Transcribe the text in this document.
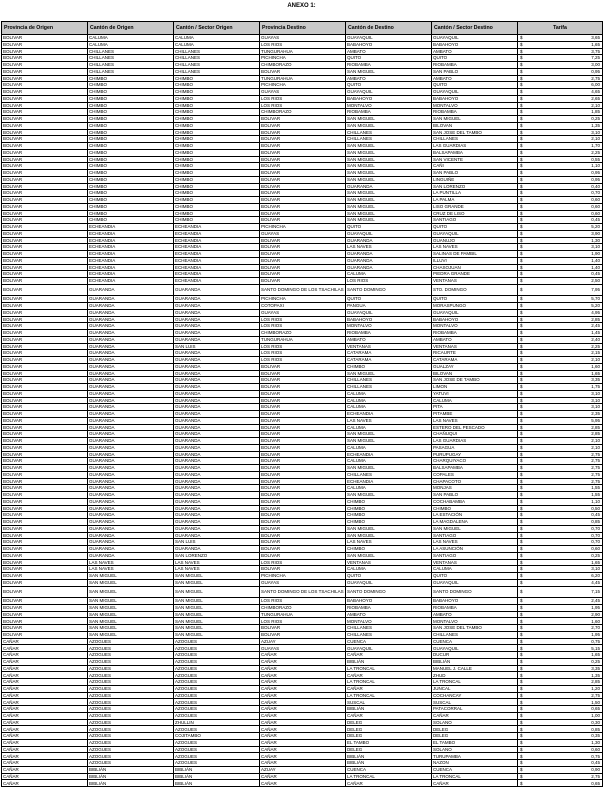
ANEXO 1:
Provincia de Origen	Cantón de Origen	Cantón / Sector Origen	Provincia Destino	Cantón de Destino	Cantón / Sector Destino	Tarifa	
BOLIVAR	CALUMA	CALUMA	GUAYAS	GUAYAQUIL	GUAYAQUIL	$	3,65
BOLIVAR	CALUMA	CALUMA	LOS RIOS	BABAHOYO	BABAHOYO	$	1,65
BOLIVAR	CHILLANES	CHILLANES	TUNGURAHUA	AMBATO	AMBATO	$	3,75
BOLIVAR	CHILLANES	CHILLANES	PICHINCHA	QUITO	QUITO	$	7,25
BOLIVAR	CHILLANES	CHILLANES	CHIMBORAZO	RIOBAMBA	RIOBAMBA	$	3,00
BOLIVAR	CHILLANES	CHILLANES	BOLIVAR	SAN MIGUEL	SAN PABLO	$	0,95
BOLIVAR	CHIMBO	CHIMBO	TUNGURAHUA	AMBATO	AMBATO	$	2,75
BOLIVAR	CHIMBO	CHIMBO	PICHINCHA	QUITO	QUITO	$	6,00
BOLIVAR	CHIMBO	CHIMBO	GUAYAS	GUAYAQUIL	GUAYAQUIL	$	4,65
BOLIVAR	CHIMBO	CHIMBO	LOS RIOS	BABAHOYO	BABAHOYO	$	2,65
BOLIVAR	CHIMBO	CHIMBO	LOS RIOS	MONTALVO	MONTALVO	$	2,10
BOLIVAR	CHIMBO	CHIMBO	CHIMBORAZO	RIOBAMBA	RIOBAMBA	$	1,85
BOLIVAR	CHIMBO	CHIMBO	BOLIVAR	SAN MIGUEL	SAN MIGUEL	$	0,25
BOLIVAR	CHIMBO	CHIMBO	BOLIVAR	SAN MIGUEL	BILOVAN	$	1,35
BOLIVAR	CHIMBO	CHIMBO	BOLIVAR	CHILLANES	SAN JOSE DEL TAMBO	$	3,10
BOLIVAR	CHIMBO	CHIMBO	BOLIVAR	CHILLANES	CHILLANES	$	2,10
BOLIVAR	CHIMBO	CHIMBO	BOLIVAR	SAN MIGUEL	LAS GUARDIAS	$	1,70
BOLIVAR	CHIMBO	CHIMBO	BOLIVAR	SAN MIGUEL	BALSAPAMBA	$	2,25
BOLIVAR	CHIMBO	CHIMBO	BOLIVAR	SAN MIGUEL	SAN VICENTE	$	0,55
BOLIVAR	CHIMBO	CHIMBO	BOLIVAR	SAN MIGUEL	CAÑI	$	1,10
BOLIVAR	CHIMBO	CHIMBO	BOLIVAR	SAN MIGUEL	SAN PABLO	$	0,95
BOLIVAR	CHIMBO	CHIMBO	BOLIVAR	SAN MIGUEL	LINGUIÑE	$	0,95
BOLIVAR	CHIMBO	CHIMBO	BOLIVAR	GUARANDA	SAN LORENZO	$	0,40
BOLIVAR	CHIMBO	CHIMBO	BOLIVAR	SAN MIGUEL	LA PUNTILLA	$	0,70
BOLIVAR	CHIMBO	CHIMBO	BOLIVAR	SAN MIGUEL	LA PALMA	$	0,60
BOLIVAR	CHIMBO	CHIMBO	BOLIVAR	SAN MIGUEL	LISO GRANDE	$	0,60
BOLIVAR	CHIMBO	CHIMBO	BOLIVAR	SAN MIGUEL	CRUZ DE LISO	$	0,60
BOLIVAR	CHIMBO	CHIMBO	BOLIVAR	SAN MIGUEL	SANTIAGO	$	0,45
BOLIVAR	ECHEANDIA	ECHEANDIA	PICHINCHA	QUITO	QUITO	$	5,20
BOLIVAR	ECHEANDIA	ECHEANDIA	GUAYAS	GUAYAQUIL	GUAYAQUIL	$	3,90
BOLIVAR	ECHEANDIA	ECHEANDIA	BOLIVAR	GUARANDA	GUANUJO	$	1,30
BOLIVAR	ECHEANDIA	ECHEANDIA	BOLIVAR	LAS NAVES	LAS NAVES	$	3,10
BOLIVAR	ECHEANDIA	ECHEANDIA	BOLIVAR	GUARANDA	SALINAS DE PAMBIL	$	1,90
BOLIVAR	ECHEANDIA	ECHEANDIA	BOLIVAR	GUARANDA	ILLUVI	$	1,40
BOLIVAR	ECHEANDIA	ECHEANDIA	BOLIVAR	GUARANDA	CHASOJUAN	$	1,40
BOLIVAR	ECHEANDIA	ECHEANDIA	BOLIVAR	CALUMA	PIEDRA GRANDE	$	0,45
BOLIVAR	ECHEANDIA	ECHEANDIA	BOLIVAR	LOS RIOS	VENTANAS	$	2,50
BOLIVAR	GUARANDA	GUARANDA	SANTO DOMINGO DE LOS TSACHILAS	SANTO DOMINGO	STO. DOMINGO	$	7,95
BOLIVAR	GUARANDA	GUARANDA	PICHINCHA	QUITO	QUITO	$	5,70
BOLIVAR	GUARANDA	GUARANDA	COTOPAXI	PANGUA	MORASPUNGO	$	5,20
BOLIVAR	GUARANDA	GUARANDA	GUAYAS	GUAYAQUIL	GUAYAQUIL	$	4,95
BOLIVAR	GUARANDA	GUARANDA	LOS RIOS	BABAHOYO	BABAHOYO	$	2,85
BOLIVAR	GUARANDA	GUARANDA	LOS RIOS	MONTALVO	MONTALVO	$	2,45
BOLIVAR	GUARANDA	GUARANDA	CHIMBORAZO	RIOBAMBA	RIOBAMBA	$	1,45
BOLIVAR	GUARANDA	GUARANDA	TUNGURAHUA	AMBATO	AMBATO	$	2,40
BOLIVAR	GUARANDA	SAN LUIS	LOS RIOS	VENTANAS	VENTANAS	$	2,25
BOLIVAR	GUARANDA	GUARANDA	LOS RIOS	CATARAMA	RICAURTE	$	2,15
BOLIVAR	GUARANDA	GUARANDA	LOS RIOS	CATARAMA	CATARAMA	$	2,10
BOLIVAR	GUARANDA	GUARANDA	BOLIVAR	CHIMBO	GUALZAY	$	1,60
BOLIVAR	GUARANDA	GUARANDA	BOLIVAR	SAN MIGUEL	BILOVAN	$	1,65
BOLIVAR	GUARANDA	GUARANDA	BOLIVAR	CHILLANES	SAN JOSE DE TAMBO	$	3,35
BOLIVAR	GUARANDA	GUARANDA	BOLIVAR	CHILLANES	LIMON	$	1,75
BOLIVAR	GUARANDA	GUARANDA	BOLIVAR	CALUMA	YATUVI	$	3,10
BOLIVAR	GUARANDA	GUARANDA	BOLIVAR	CALUMA	CALUMA	$	3,10
BOLIVAR	GUARANDA	GUARANDA	BOLIVAR	CALUMA	PITA	$	3,10
BOLIVAR	GUARANDA	GUARANDA	BOLIVAR	ECHEANDIA	PITAMBE	$	2,35
BOLIVAR	GUARANDA	GUARANDA	BOLIVAR	LAS NAVES	LAS NAVES	$	5,95
BOLIVAR	GUARANDA	GUARANDA	BOLIVAR	CALUMA	ESTERO DEL PESCADO	$	2,85
BOLIVAR	GUARANDA	GUARANDA	BOLIVAR	SAN MIGUEL	CHAÑUQUI	$	2,85
BOLIVAR	GUARANDA	GUARANDA	BOLIVAR	SAN MIGUEL	LAS GUARDIAS	$	2,10
BOLIVAR	GUARANDA	GUARANDA	BOLIVAR	CALUMA	PASAGUA	$	2,10
BOLIVAR	GUARANDA	GUARANDA	BOLIVAR	ECHEANDIA	PURUPUGAY	$	2,75
BOLIVAR	GUARANDA	GUARANDA	BOLIVAR	CALUMA	CHARQUIYACO	$	2,75
BOLIVAR	GUARANDA	GUARANDA	BOLIVAR	SAN MIGUEL	BALSAPAMBA	$	2,75
BOLIVAR	GUARANDA	GUARANDA	BOLIVAR	CHILLANES	COPALES	$	2,75
BOLIVAR	GUARANDA	GUARANDA	BOLIVAR	ECHEANDIA	CHAPACOTO	$	2,75
BOLIVAR	GUARANDA	GUARANDA	BOLIVAR	CALUMA	MONJAS	$	1,55
BOLIVAR	GUARANDA	GUARANDA	BOLIVAR	SAN MIGUEL	SAN PABLO	$	1,55
BOLIVAR	GUARANDA	GUARANDA	BOLIVAR	CHIMBO	COCHABAMBA	$	1,10
BOLIVAR	GUARANDA	GUARANDA	BOLIVAR	CHIMBO	CHIMBO	$	0,50
BOLIVAR	GUARANDA	GUARANDA	BOLIVAR	CHIMBO	LA ESTACIÓN	$	0,45
BOLIVAR	GUARANDA	GUARANDA	BOLIVAR	CHIMBO	LA MAGDALENA	$	0,85
BOLIVAR	GUARANDA	GUARANDA	BOLIVAR	SAN MIGUEL	SAN MIGUEL	$	0,70
BOLIVAR	GUARANDA	GUARANDA	BOLIVAR	SAN MIGUEL	SANTIAGO	$	0,70
BOLIVAR	GUARANDA	SAN LUIS	BOLIVAR	LAS NAVES	LAS NAVES	$	0,70
BOLIVAR	GUARANDA	GUARANDA	BOLIVAR	CHIMBO	LA ASUNCIÓN	$	0,60
BOLIVAR	GUARANDA	SAN LORENZO	BOLIVAR	SAN MIGUEL	SANTIAGO	$	0,25
BOLIVAR	LAS NAVES	LAS NAVES	LOS RIOS	VENTANAS	VENTANAS	$	1,65
BOLIVAR	LAS NAVES	LAS NAVES	BOLIVAR	CALUMA	CALUMA	$	3,10
BOLIVAR	SAN MIGUEL	SAN MIGUEL	PICHINCHA	QUITO	QUITO	$	6,20
BOLIVAR	SAN MIGUEL	SAN MIGUEL	GUAYAS	GUAYAQUIL	GUAYAQUIL	$	4,45
BOLIVAR	SAN MIGUEL	SAN MIGUEL	SANTO DOMINGO DE LOS TSACHILAS	SANTO DOMINGO	SANTO DOMINGO	$	7,15
BOLIVAR	SAN MIGUEL	SAN MIGUEL	LOS RIOS	BABAHOYO	BABAHOYO	$	2,45
BOLIVAR	SAN MIGUEL	SAN MIGUEL	CHIMBORAZO	RIOBAMBA	RIOBAMBA	$	1,95
BOLIVAR	SAN MIGUEL	SAN MIGUEL	TUNGURAHUA	AMBATO	AMBATO	$	2,90
BOLIVAR	SAN MIGUEL	SAN MIGUEL	LOS RIOS	MONTALVO	MONTALVO	$	1,60
BOLIVAR	SAN MIGUEL	SAN MIGUEL	BOLIVAR	CHILLANES	SAN JOSE DEL TAMBO	$	2,70
BOLIVAR	SAN MIGUEL	SAN MIGUEL	BOLIVAR	CHILLANES	CHILLANES	$	1,95
CAÑAR	AZOGUES	AZOGUES	AZUAY	CUENCA	CUENCA	$	0,75
CAÑAR	AZOGUES	AZOGUES	GUAYAS	GUAYAQUIL	GUAYAQUIL	$	5,15
CAÑAR	AZOGUES	AZOGUES	CAÑAR	CAÑAR	DUCUR	$	1,65
CAÑAR	AZOGUES	AZOGUES	CAÑAR	BIBLIÁN	BIBLIÁN	$	0,25
CAÑAR	AZOGUES	AZOGUES	CAÑAR	LA TRONCAL	MANUEL J. CALLE	$	3,35
CAÑAR	AZOGUES	AZOGUES	CAÑAR	CAÑAR	ZHUD	$	1,35
CAÑAR	AZOGUES	AZOGUES	CAÑAR	LA TRONCAL	LA TRONCAL	$	2,85
CAÑAR	AZOGUES	AZOGUES	CAÑAR	CAÑAR	JUNCAL	$	1,20
CAÑAR	AZOGUES	AZOGUES	CAÑAR	LA TRONCAL	COCHANCAY	$	2,75
CAÑAR	AZOGUES	AZOGUES	CAÑAR	SUSCAL	SUSCAL	$	1,50
CAÑAR	AZOGUES	AZOGUES	CAÑAR	BIBLIÁN	PATACORRAL	$	0,65
CAÑAR	AZOGUES	AZOGUES	CAÑAR	CAÑAR	CAÑAR	$	1,00
CAÑAR	AZOGUES	ZHULLIN	CAÑAR	DELEG	SOLANO	$	0,30
CAÑAR	AZOGUES	AZOGUES	CAÑAR	DELEG	DELEG	$	0,85
CAÑAR	AZOGUES	COJITAMBO	CAÑAR	DELEG	DELEG	$	0,35
CAÑAR	AZOGUES	AZOGUES	CAÑAR	EL TAMBO	EL TAMBO	$	1,30
CAÑAR	AZOGUES	AZOGUES	CAÑAR	DELEG	SOLANO	$	0,60
CAÑAR	AZOGUES	AZOGUES	CAÑAR	BIBLIÁN	TURUPAMBA	$	0,75
CAÑAR	AZOGUES	AZOGUES	CAÑAR	BIBLIÁN	NAZON	$	0,45
CAÑAR	BIBLIÁN	BIBLIÁN	AZUAY	CUENCA	CUENCA	$	0,90
CAÑAR	BIBLIÁN	BIBLIÁN	CAÑAR	LA TRONCAL	LA TRONCAL	$	2,75
CAÑAR	BIBLIÁN	BIBLIÁN	CAÑAR	CAÑAR	CAÑAR	$	0,65
